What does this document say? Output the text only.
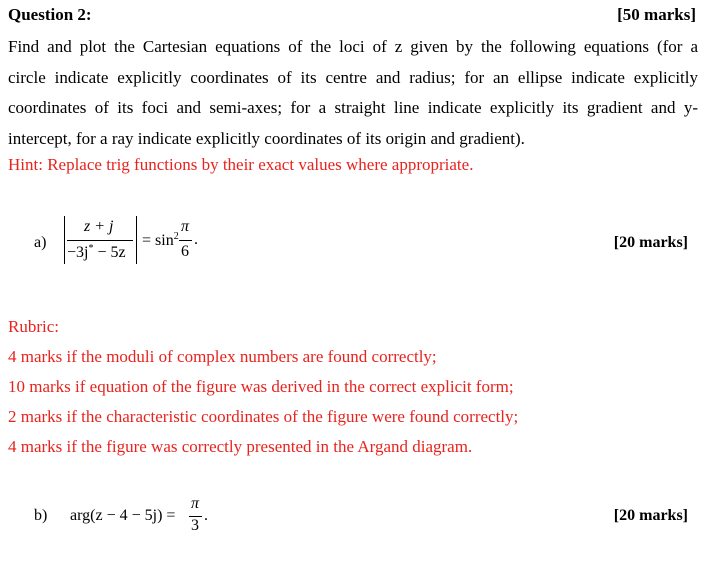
Question 2:	[50 marks]
Find and plot the Cartesian equations of the loci of z given by the following equations (for a
circle indicate explicitly coordinates of its centre and radius; for an ellipse indicate explicitly
coordinates of its foci and semi-axes; for a straight line indicate explicitly its gradient and y-
intercept, for a ray indicate explicitly coordinates of its origin and gradient).
Hint: Replace trig functions by their exact values where appropriate.
a)
z + j
−3j* − 5z
= $\sin^2$
π
6
.	[20 marks]
Rubric:
4 marks if the moduli of complex numbers are found correctly;
10 marks if equation of the figure was derived in the correct explicit form;
2 marks if the characteristic coordinates of the figure were found correctly;
4 marks if the figure was correctly presented in the Argand diagram.
b) arg(z − 4 − 5j) =
π
3
.	[20 marks]
